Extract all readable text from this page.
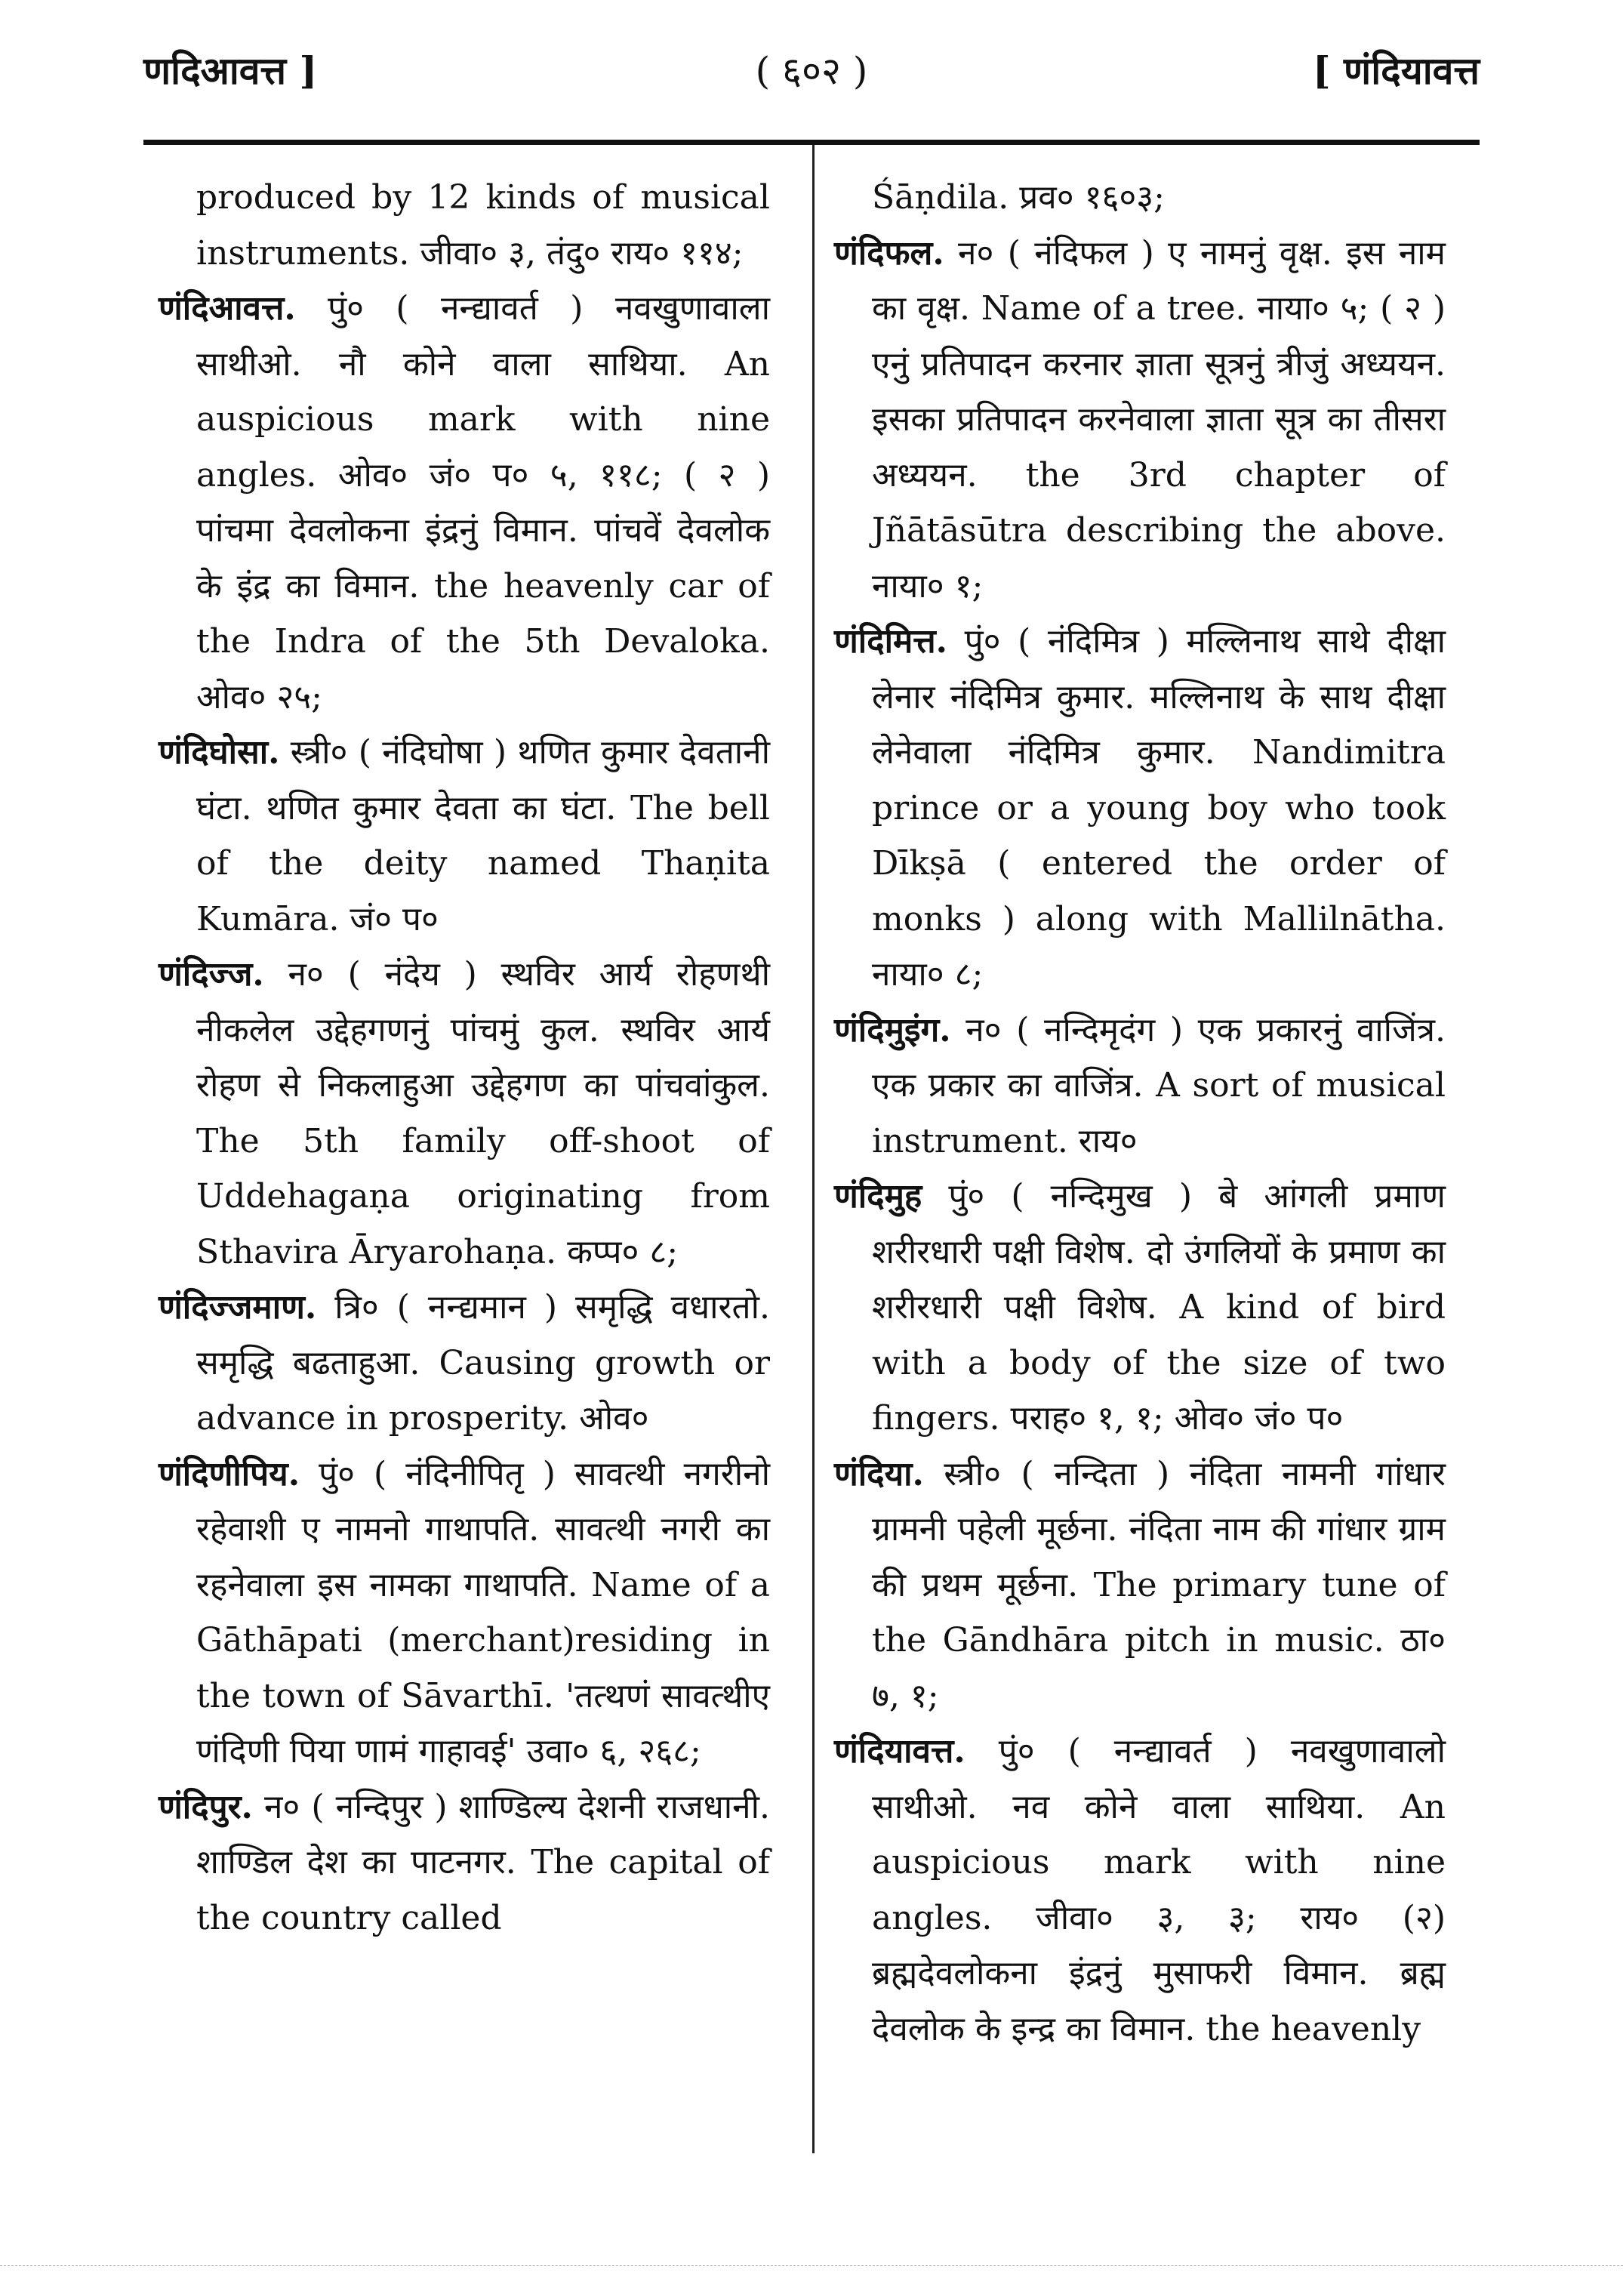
णदिआवत्त ]	( ६०२ )	[ णंदियावत्त

produced by 12 kinds of musical instruments. जीवा० ३, तंदु० राय० ११४;

णंदिआवत्त. पुं० ( नन्द्यावर्त ) नवखुणावाला साथीओ. नौ कोने वाला साथिया. An auspicious mark with nine angles. ओव० जं० प० ५, ११८; ( २ ) पांचमा देवलोकना इंद्रनुं विमान. पांचवें देवलोक के इंद्र का विमान. the heavenly car of the Indra of the 5th Devaloka. ओव० २५;

णंदिघोसा. स्त्री० ( नंदिघोषा ) थणित कुमार देवतानी घंटा. थणित कुमार देवता का घंटा. The bell of the deity named Thaṇita Kumāra. जं० प०

णंदिज्ज. न० ( नंदेय ) स्थविर आर्य रोहणथी नीकलेल उद्देहगणनुं पांचमुं कुल. स्थविर आर्य रोहण से निकलाहुआ उद्देहगण का पांचवांकुल. The 5th family off-shoot of Uddehagaṇa originating from Sthavira Āryarohaṇa. कप्प० ८;

णंदिज्जमाण. त्रि० ( नन्द्यमान ) समृद्धि वधारतो. समृद्धि बढताहुआ. Causing growth or advance in prosperity. ओव०

णंदिणीपिय. पुं० ( नंदिनीपितृ ) सावत्थी नगरीनो रहेवाशी ए नामनो गाथापति. सावत्थी नगरी का रहनेवाला इस नामका गाथापति. Name of a Gāthāpati (merchant)residing in the town of Sāvarthī. 'तत्थणं सावत्थीए णंदिणी पिया णामं गाहावई' उवा० ६, २६८;

णंदिपुर. न० ( नन्दिपुर ) शाण्डिल्य देशनी राजधानी. शाण्डिल देश का पाटनगर. The capital of the country called

Śāṇdila. प्रव० १६०३;

णंदिफल. न० ( नंदिफल ) ए नामनुं वृक्ष. इस नाम का वृक्ष. Name of a tree. नाया० ५; ( २ ) एनुं प्रतिपादन करनार ज्ञाता सूत्रनुं त्रीजुं अध्ययन. इसका प्रतिपादन करनेवाला ज्ञाता सूत्र का तीसरा अध्ययन. the 3rd chapter of Jñātāsūtra describing the above. नाया० १;

णंदिमित्त. पुं० ( नंदिमित्र ) मल्लिनाथ साथे दीक्षा लेनार नंदिमित्र कुमार. मल्लिनाथ के साथ दीक्षा लेनेवाला नंदिमित्र कुमार. Nandimitra prince or a young boy who took Dīkṣā ( entered the order of monks ) along with Mallilnātha. नाया० ८;

णंदिमुइंग. न० ( नन्दिमृदंग ) एक प्रकारनुं वाजिंत्र. एक प्रकार का वाजिंत्र. A sort of musical instrument. राय०

णंदिमुह पुं० ( नन्दिमुख ) बे आंगली प्रमाण शरीरधारी पक्षी विशेष. दो उंगलियों के प्रमाण का शरीरधारी पक्षी विशेष. A kind of bird with a body of the size of two fingers. पराह० १, १; ओव० जं० प०

णंदिया. स्त्री० ( नन्दिता ) नंदिता नामनी गांधार ग्रामनी पहेली मूर्छना. नंदिता नाम की गांधार ग्राम की प्रथम मूर्छना. The primary tune of the Gāndhāra pitch in music. ठा० ७, १;

णंदियावत्त. पुं० ( नन्द्यावर्त ) नवखुणावालो साथीओ. नव कोने वाला साथिया. An auspicious mark with nine angles. जीवा० ३, ३; राय० (२) ब्रह्मदेवलोकना इंद्रनुं मुसाफरी विमान. ब्रह्म देवलोक के इन्द्र का विमान. the heavenly
